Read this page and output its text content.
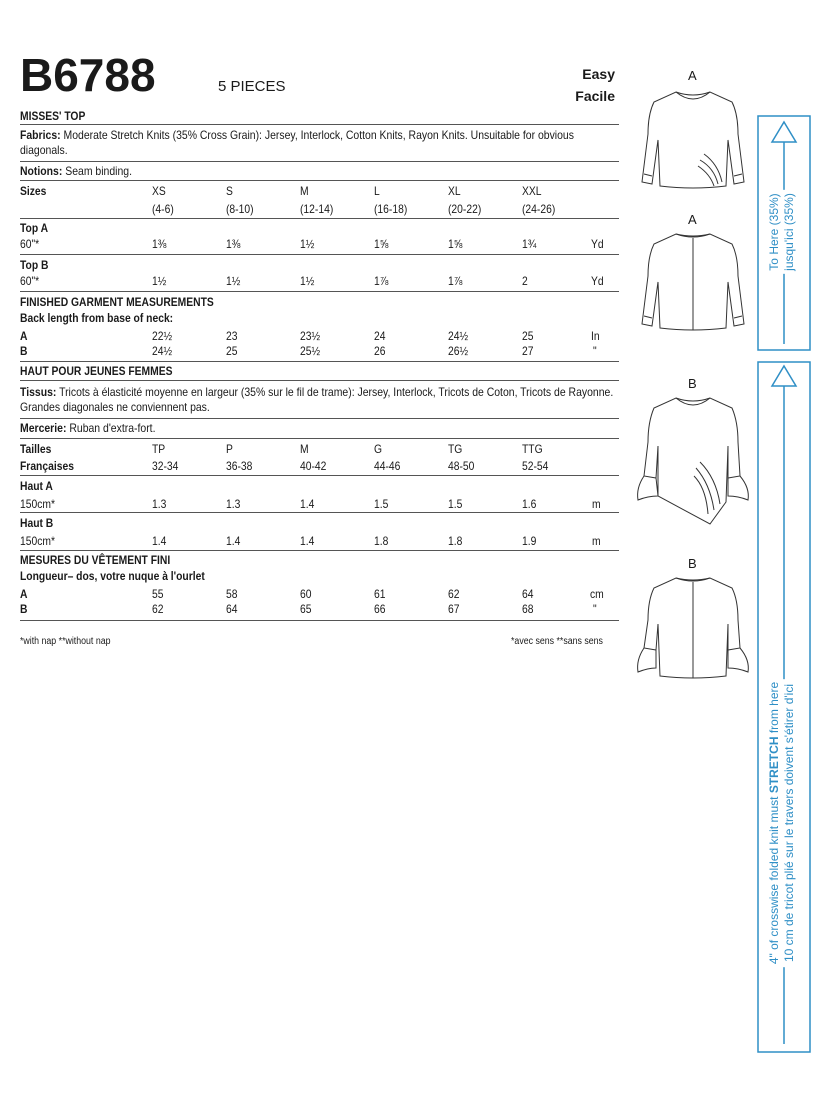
B6788	5 PIECES
Easy
Facile
MISSES' TOP
Fabrics: Moderate Stretch Knits (35% Cross Grain): Jersey, Interlock, Cotton Knits, Rayon Knits. Unsuitable for obvious diagonals.
Notions: Seam binding.
Sizes	XS	S	M	L	XL	XXL
(4-6)	(8-10)	(12-14)	(16-18)	(20-22)	(24-26)
Top A
60"*	1⅜	1⅜	1½	1⅝	1⅝	1¾	Yd
Top B
60"*	1½	1½	1½	1⅞	1⅞	2	Yd
FINISHED GARMENT MEASUREMENTS
Back length from base of neck:
A	22½	23	23½	24	24½	25	In
B	24½	25	25½	26	26½	27	"
HAUT POUR JEUNES FEMMES
Tissus: Tricots à élasticité moyenne en largeur (35% sur le fil de trame): Jersey, Interlock, Tricots de Coton, Tricots de Rayonne. Grandes diagonales ne conviennent pas.
Mercerie: Ruban d'extra-fort.
Tailles	TP	P	M	G	TG	TTG
Françaises	32-34	36-38	40-42	44-46	48-50	52-54
Haut A
150cm*	1.3	1.3	1.4	1.5	1.5	1.6	m
Haut B
150cm*	1.4	1.4	1.4	1.8	1.8	1.9	m
MESURES DU VÊTEMENT FINI
Longueur– dos, votre nuque à l'ourlet
A	55	58	60	61	62	64	cm
B	62	64	65	66	67	68	"
*with nap **without nap	*avec sens **sans sens
A
A
B
B
To Here (35%) jusqu'ici (35%)
4" of crosswise folded knit must STRETCH from here 10 cm de tricot plié sur le travers doivent s'étirer d'ici
